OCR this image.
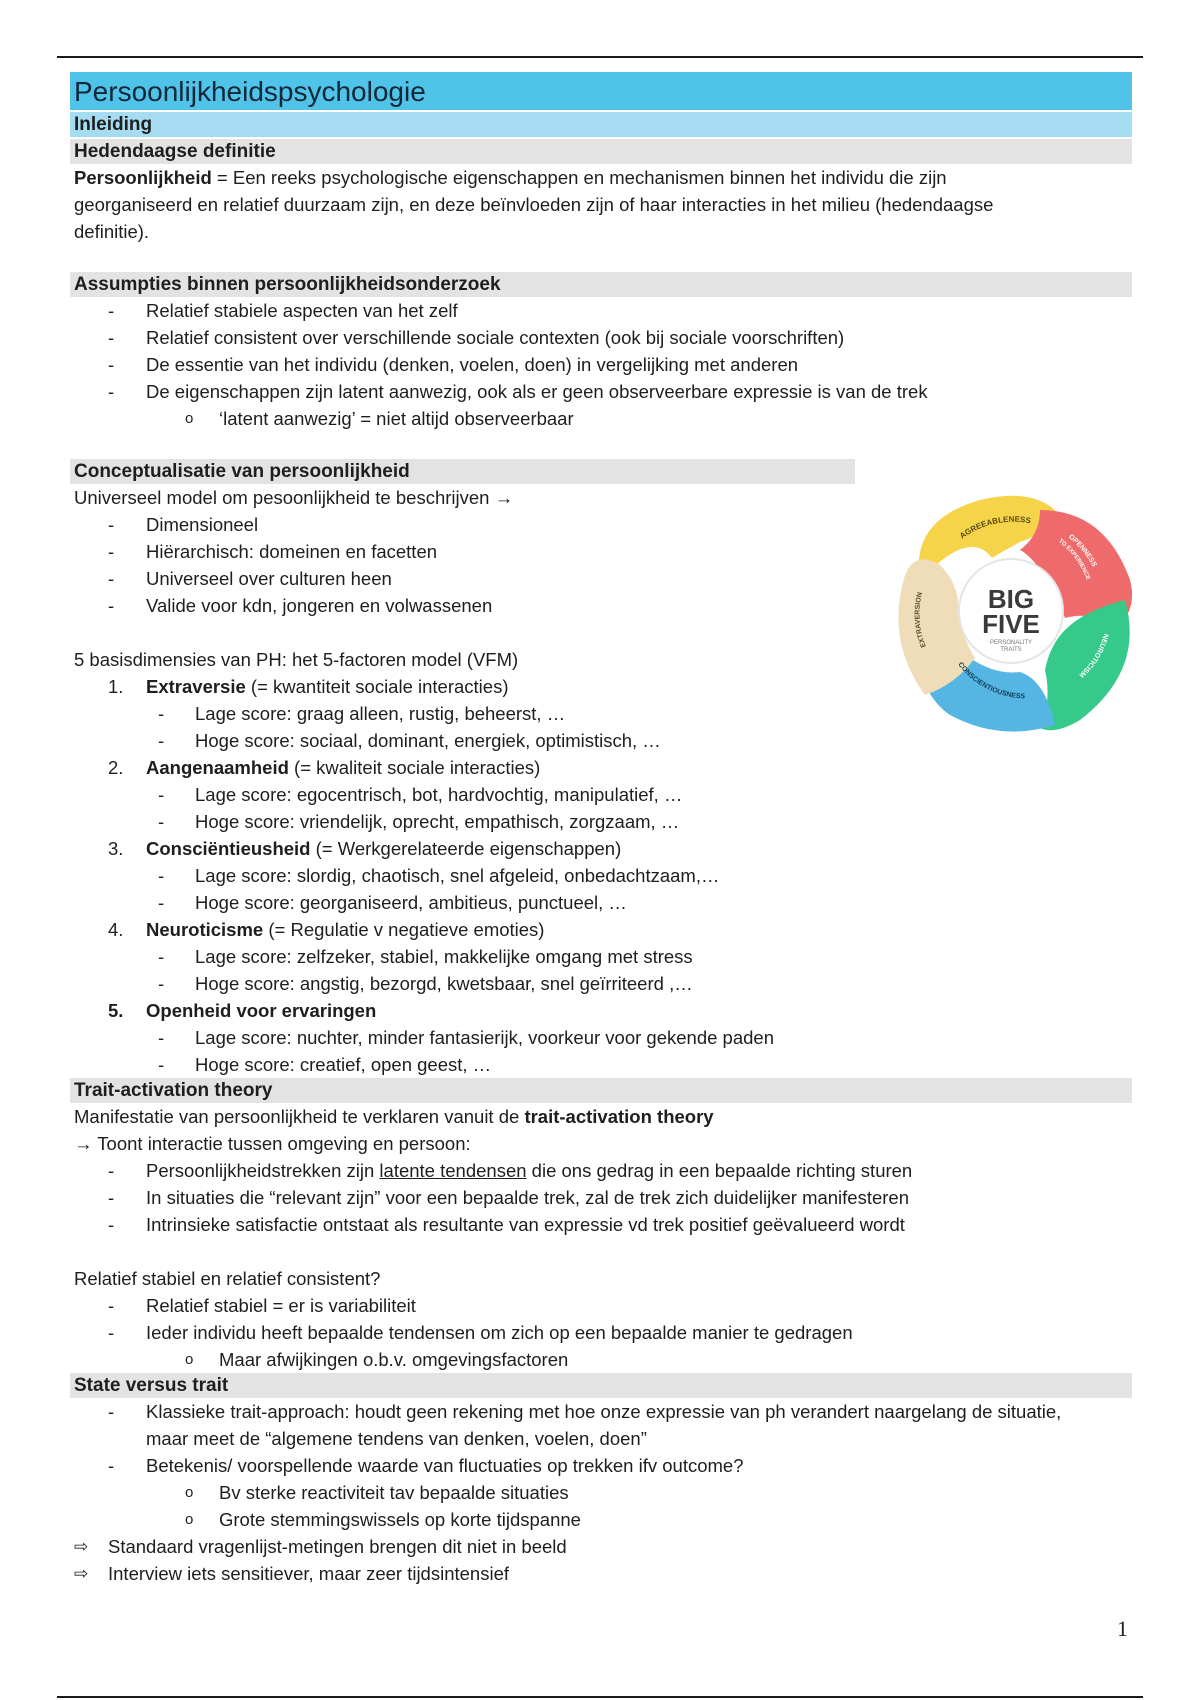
Persoonlijkheidspsychologie
Inleiding
Hedendaagse definitie

Persoonlijkheid = Een reeks psychologische eigenschappen en mechanismen binnen het individu die zijn

georganiseerd en relatief duurzaam zijn, en deze beïnvloeden zijn of haar interacties in het milieu (hedendaagse

definitie).

Assumpties binnen persoonlijkheidsonderzoek
- Relatief stabiele aspecten van het zelf
- Relatief consistent over verschillende sociale contexten (ook bij sociale voorschriften)
- De essentie van het individu (denken, voelen, doen) in vergelijking met anderen
- De eigenschappen zijn latent aanwezig, ook als er geen observeerbare expressie is van de trek
o ‘latent aanwezig’ = niet altijd observeerbaar
Conceptualisatie van persoonlijkheid

Universeel model om pesoonlijkheid te beschrijven →

- Dimensioneel
- Hiërarchisch: domeinen en facetten
- Universeel over culturen heen
- Valide voor kdn, jongeren en volwassenen

5 basisdimensies van PH: het 5-factoren model (VFM)

1. Extraversie (= kwantiteit sociale interacties)
- Lage score: graag alleen, rustig, beheerst, …
- Hoge score: sociaal, dominant, energiek, optimistisch, …
2. Aangenaamheid (= kwaliteit sociale interacties)
- Lage score: egocentrisch, bot, hardvochtig, manipulatief, …
- Hoge score: vriendelijk, oprecht, empathisch, zorgzaam, …
3. Consciëntieusheid (= Werkgerelateerde eigenschappen)
- Lage score: slordig, chaotisch, snel afgeleid, onbedachtzaam,…
- Hoge score: georganiseerd, ambitieus, punctueel, …
4. Neuroticisme (= Regulatie v negatieve emoties)
- Lage score: zelfzeker, stabiel, makkelijke omgang met stress
- Hoge score: angstig, bezorgd, kwetsbaar, snel geïrriteerd ,…
5. Openheid voor ervaringen
- Lage score: nuchter, minder fantasierijk, voorkeur voor gekende paden
- Hoge score: creatief, open geest, …
Trait-activation theory

Manifestatie van persoonlijkheid te verklaren vanuit de trait-activation theory

→ Toont interactie tussen omgeving en persoon:

- Persoonlijkheidstrekken zijn latente tendensen die ons gedrag in een bepaalde richting sturen
- In situaties die “relevant zijn” voor een bepaalde trek, zal de trek zich duidelijker manifesteren
- Intrinsieke satisfactie ontstaat als resultante van expressie vd trek positief geëvalueerd wordt

Relatief stabiel en relatief consistent?

- Relatief stabiel = er is variabiliteit
- Ieder individu heeft bepaalde tendensen om zich op een bepaalde manier te gedragen
o Maar afwijkingen o.b.v. omgevingsfactoren
State versus trait
- Klassieke trait-approach: houdt geen rekening met hoe onze expressie van ph verandert naargelang de situatie,
maar meet de “algemene tendens van denken, voelen, doen”
- Betekenis/ voorspellende waarde van fluctuaties op trekken ifv outcome?
o Bv sterke reactiviteit tav bepaalde situaties
o Grote stemmingswissels op korte tijdspanne
⇨ Standaard vragenlijst-metingen brengen dit niet in beeld
⇨ Interview iets sensitiever, maar zeer tijdsintensief
BIG
FIVE
PERSONALITY
TRAITS
AGREEABLENESS
OPENNESS
TO EXPERIENCE
NEUROTICISM
CONSCIENTIOUSNESS
EXTRAVERSION
1
